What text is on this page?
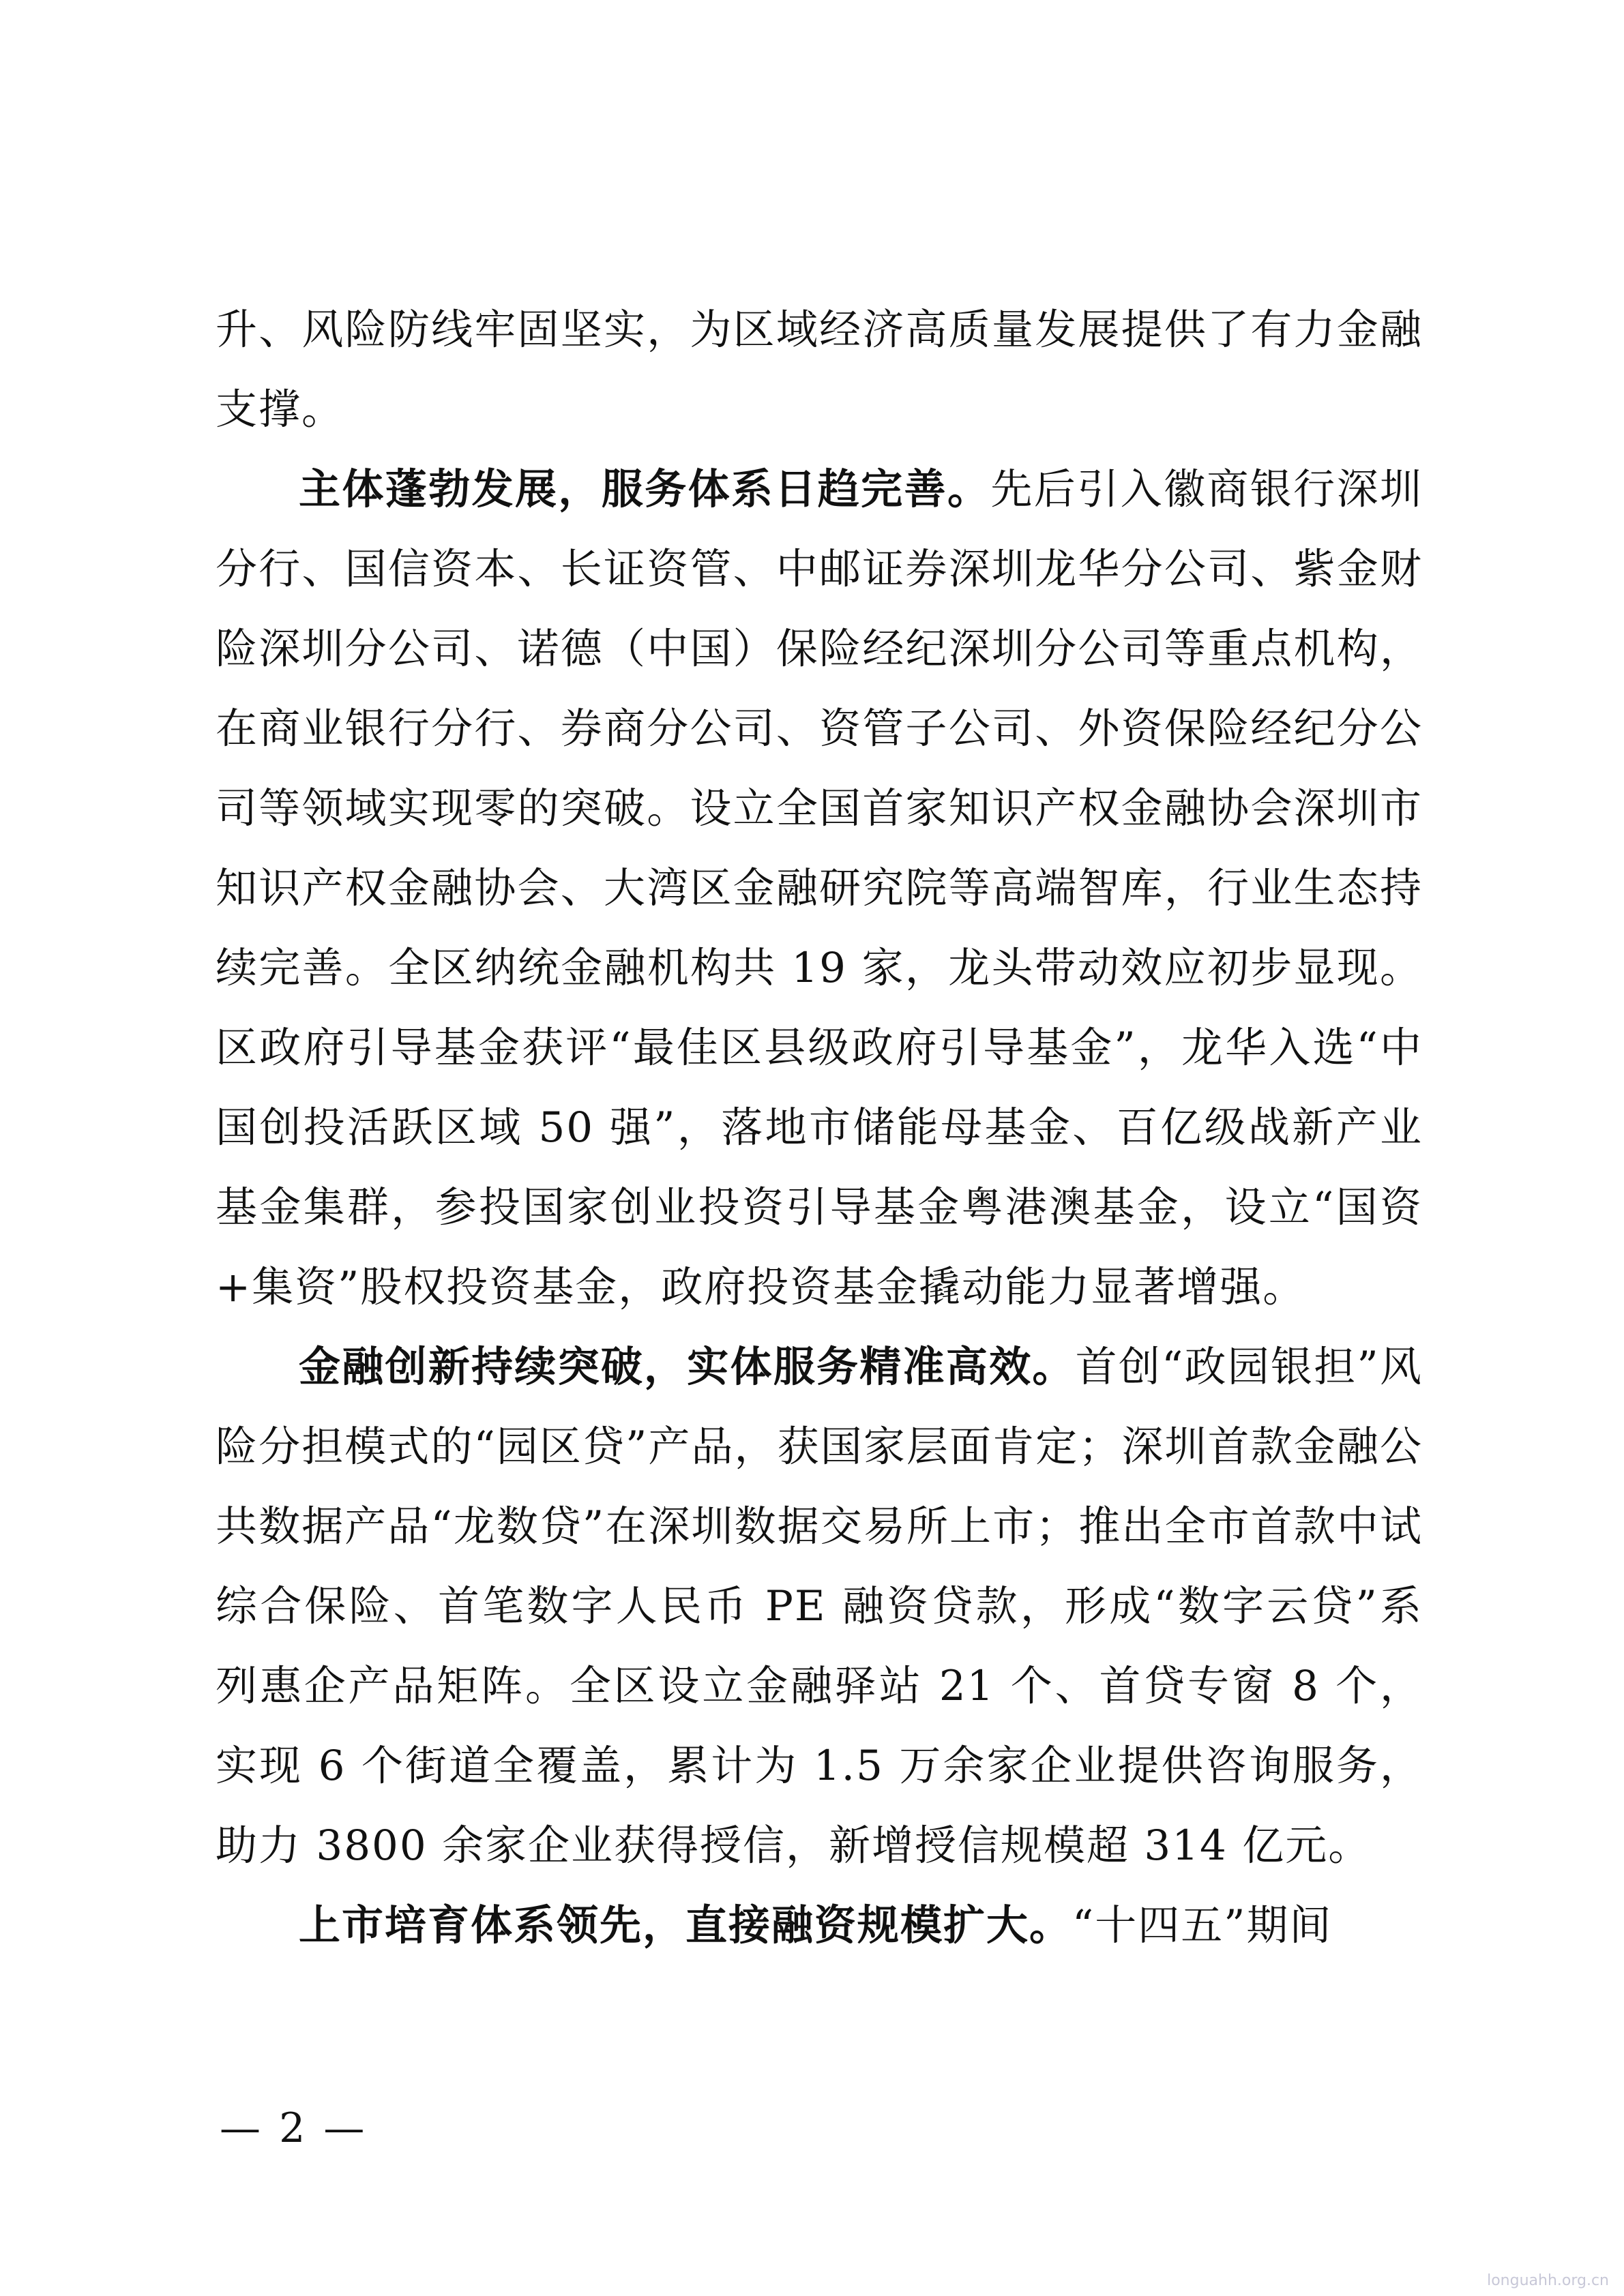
升、风险防线牢固坚实，为区域经济高质量发展提供了有力金融支撑。

主体蓬勃发展，服务体系日趋完善。先后引入徽商银行深圳分行、国信资本、长证资管、中邮证券深圳龙华分公司、紫金财险深圳分公司、诺德（中国）保险经纪深圳分公司等重点机构，在商业银行分行、券商分公司、资管子公司、外资保险经纪分公司等领域实现零的突破。设立全国首家知识产权金融协会深圳市知识产权金融协会、大湾区金融研究院等高端智库，行业生态持续完善。全区纳统金融机构共 19 家，龙头带动效应初步显现。区政府引导基金获评“最佳区县级政府引导基金”，龙华入选“中国创投活跃区域 50 强”，落地市储能母基金、百亿级战新产业基金集群，参投国家创业投资引导基金粤港澳基金，设立“国资+集资”股权投资基金，政府投资基金撬动能力显著增强。

金融创新持续突破，实体服务精准高效。首创“政园银担”风险分担模式的“园区贷”产品，获国家层面肯定；深圳首款金融公共数据产品“龙数贷”在深圳数据交易所上市；推出全市首款中试综合保险、首笔数字人民币 PE 融资贷款，形成“数字云贷”系列惠企产品矩阵。全区设立金融驿站 21 个、首贷专窗 8 个，实现 6 个街道全覆盖，累计为 1.5 万余家企业提供咨询服务，助力 3800 余家企业获得授信，新增授信规模超 314 亿元。

上市培育体系领先，直接融资规模扩大。“十四五”期间

— 2 —
longuahh.org.cn
